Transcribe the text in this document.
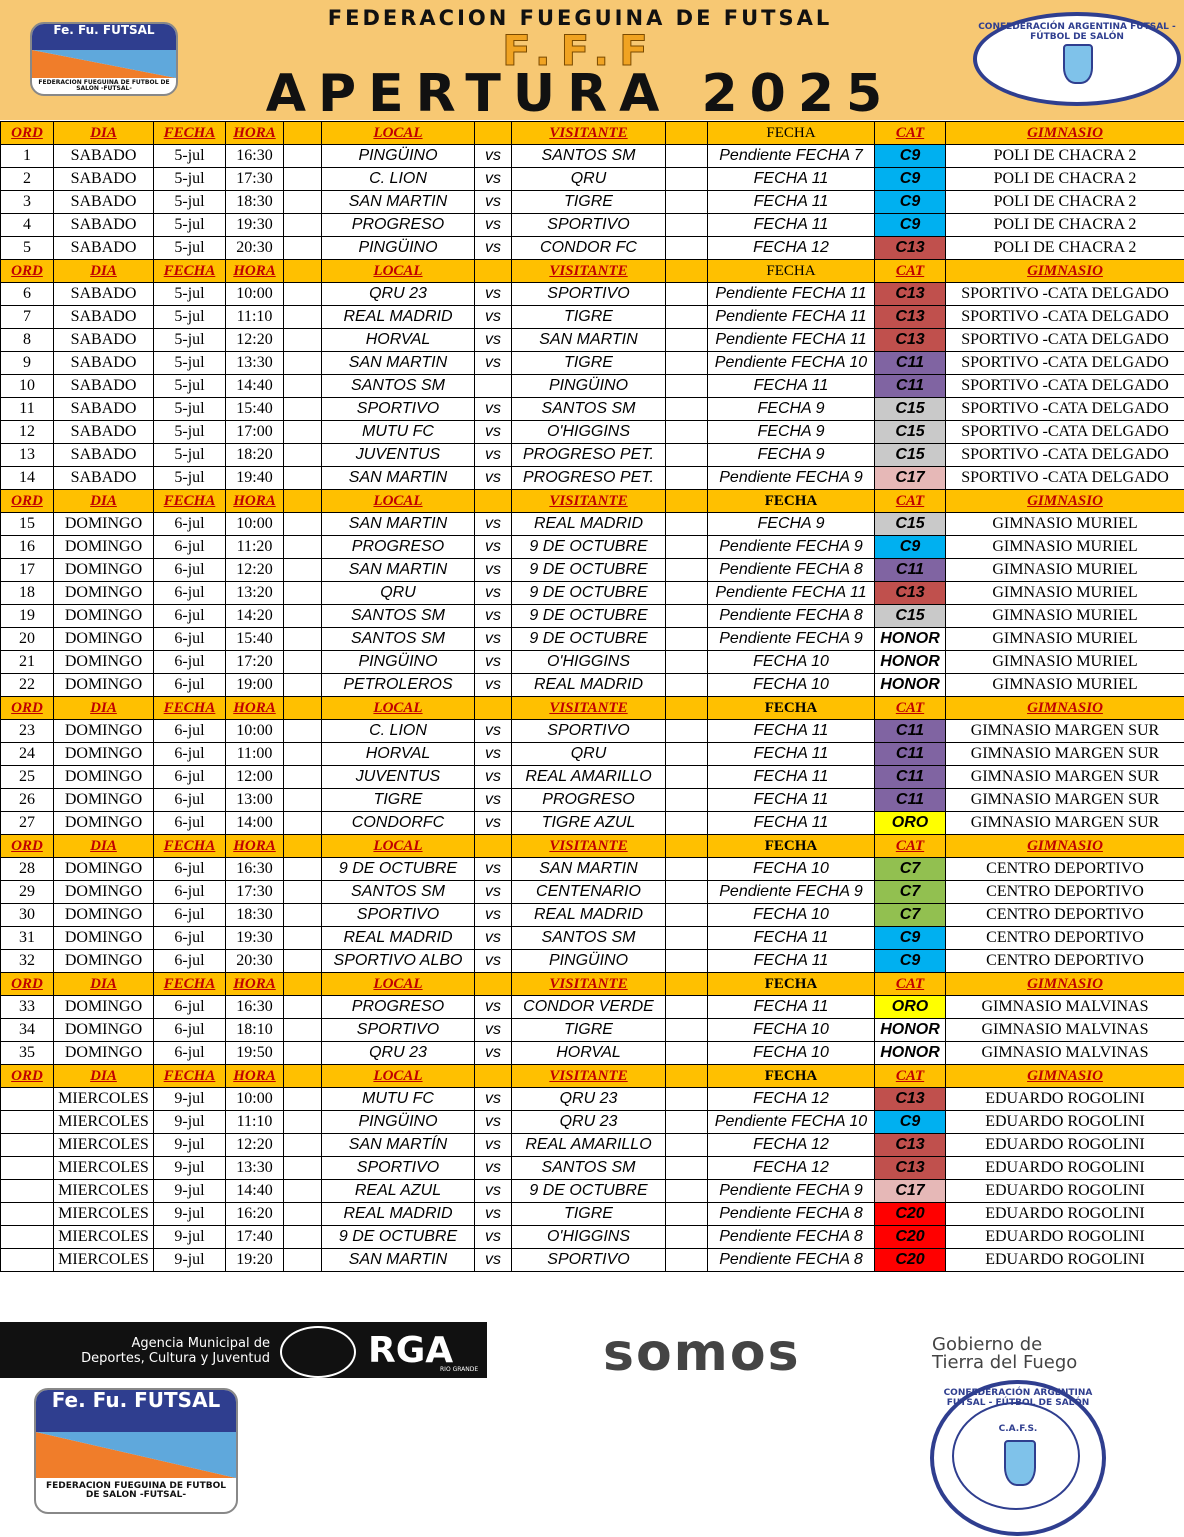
Fe. Fu. FUTSAL
FEDERACION FUEGUINA DE FUTBOL DE SALON -FUTSAL-
FEDERACION FUEGUINA DE FUTSAL
F.F.F
APERTURA 2025
CONFEDERACIÓN ARGENTINA FUTSAL - FÚTBOL DE SALÓN
ORD	DIA	FECHA	HORA		LOCAL		VISITANTE		FECHA	CAT	GIMNASIO
1	SABADO	5-jul	16:30		PINGÜINO	vs	SANTOS SM		Pendiente FECHA 7	C9	POLI DE CHACRA 2
2	SABADO	5-jul	17:30		C. LION	vs	QRU		FECHA 11	C9	POLI DE CHACRA 2
3	SABADO	5-jul	18:30		SAN MARTIN	vs	TIGRE		FECHA 11	C9	POLI DE CHACRA 2
4	SABADO	5-jul	19:30		PROGRESO	vs	SPORTIVO		FECHA 11	C9	POLI DE CHACRA 2
5	SABADO	5-jul	20:30		PINGÜINO	vs	CONDOR FC		FECHA 12	C13	POLI DE CHACRA 2
ORD	DIA	FECHA	HORA		LOCAL		VISITANTE		FECHA	CAT	GIMNASIO
6	SABADO	5-jul	10:00		QRU 23	vs	SPORTIVO		Pendiente FECHA 11	C13	SPORTIVO -CATA DELGADO
7	SABADO	5-jul	11:10		REAL MADRID	vs	TIGRE		Pendiente FECHA 11	C13	SPORTIVO -CATA DELGADO
8	SABADO	5-jul	12:20		HORVAL	vs	SAN MARTIN		Pendiente FECHA 11	C13	SPORTIVO -CATA DELGADO
9	SABADO	5-jul	13:30		SAN MARTIN	vs	TIGRE		Pendiente FECHA 10	C11	SPORTIVO -CATA DELGADO
10	SABADO	5-jul	14:40		SANTOS SM		PINGÜINO		FECHA 11	C11	SPORTIVO -CATA DELGADO
11	SABADO	5-jul	15:40		SPORTIVO	vs	SANTOS SM		FECHA 9	C15	SPORTIVO -CATA DELGADO
12	SABADO	5-jul	17:00		MUTU FC	vs	O'HIGGINS		FECHA 9	C15	SPORTIVO -CATA DELGADO
13	SABADO	5-jul	18:20		JUVENTUS	vs	PROGRESO PET.		FECHA 9	C15	SPORTIVO -CATA DELGADO
14	SABADO	5-jul	19:40		SAN MARTIN	vs	PROGRESO PET.		Pendiente FECHA 9	C17	SPORTIVO -CATA DELGADO
ORD	DIA	FECHA	HORA		LOCAL		VISITANTE		FECHA	CAT	GIMNASIO
15	DOMINGO	6-jul	10:00		SAN MARTIN	vs	REAL MADRID		FECHA 9	C15	GIMNASIO MURIEL
16	DOMINGO	6-jul	11:20		PROGRESO	vs	9 DE OCTUBRE		Pendiente FECHA 9	C9	GIMNASIO MURIEL
17	DOMINGO	6-jul	12:20		SAN MARTIN	vs	9 DE OCTUBRE		Pendiente FECHA 8	C11	GIMNASIO MURIEL
18	DOMINGO	6-jul	13:20		QRU	vs	9 DE OCTUBRE		Pendiente FECHA 11	C13	GIMNASIO MURIEL
19	DOMINGO	6-jul	14:20		SANTOS SM	vs	9 DE OCTUBRE		Pendiente FECHA 8	C15	GIMNASIO MURIEL
20	DOMINGO	6-jul	15:40		SANTOS SM	vs	9 DE OCTUBRE		Pendiente FECHA 9	HONOR	GIMNASIO MURIEL
21	DOMINGO	6-jul	17:20		PINGÜINO	vs	O'HIGGINS		FECHA 10	HONOR	GIMNASIO MURIEL
22	DOMINGO	6-jul	19:00		PETROLEROS	vs	REAL MADRID		FECHA 10	HONOR	GIMNASIO MURIEL
ORD	DIA	FECHA	HORA		LOCAL		VISITANTE		FECHA	CAT	GIMNASIO
23	DOMINGO	6-jul	10:00		C. LION	vs	SPORTIVO		FECHA 11	C11	GIMNASIO MARGEN SUR
24	DOMINGO	6-jul	11:00		HORVAL	vs	QRU		FECHA 11	C11	GIMNASIO MARGEN SUR
25	DOMINGO	6-jul	12:00		JUVENTUS	vs	REAL AMARILLO		FECHA 11	C11	GIMNASIO MARGEN SUR
26	DOMINGO	6-jul	13:00		TIGRE	vs	PROGRESO		FECHA 11	C11	GIMNASIO MARGEN SUR
27	DOMINGO	6-jul	14:00		CONDORFC	vs	TIGRE AZUL		FECHA 11	ORO	GIMNASIO MARGEN SUR
ORD	DIA	FECHA	HORA		LOCAL		VISITANTE		FECHA	CAT	GIMNASIO
28	DOMINGO	6-jul	16:30		9 DE OCTUBRE	vs	SAN MARTIN		FECHA 10	C7	CENTRO DEPORTIVO
29	DOMINGO	6-jul	17:30		SANTOS SM	vs	CENTENARIO		Pendiente FECHA 9	C7	CENTRO DEPORTIVO
30	DOMINGO	6-jul	18:30		SPORTIVO	vs	REAL MADRID		FECHA 10	C7	CENTRO DEPORTIVO
31	DOMINGO	6-jul	19:30		REAL MADRID	vs	SANTOS SM		FECHA 11	C9	CENTRO DEPORTIVO
32	DOMINGO	6-jul	20:30		SPORTIVO ALBO	vs	PINGÜINO		FECHA 11	C9	CENTRO DEPORTIVO
ORD	DIA	FECHA	HORA		LOCAL		VISITANTE		FECHA	CAT	GIMNASIO
33	DOMINGO	6-jul	16:30		PROGRESO	vs	CONDOR VERDE		FECHA 11	ORO	GIMNASIO MALVINAS
34	DOMINGO	6-jul	18:10		SPORTIVO	vs	TIGRE		FECHA 10	HONOR	GIMNASIO MALVINAS
35	DOMINGO	6-jul	19:50		QRU 23	vs	HORVAL		FECHA 10	HONOR	GIMNASIO MALVINAS
ORD	DIA	FECHA	HORA		LOCAL		VISITANTE		FECHA	CAT	GIMNASIO
	MIERCOLES	9-jul	10:00		MUTU FC	vs	QRU 23		FECHA 12	C13	EDUARDO ROGOLINI
	MIERCOLES	9-jul	11:10		PINGÜINO	vs	QRU 23		Pendiente FECHA 10	C9	EDUARDO ROGOLINI
	MIERCOLES	9-jul	12:20		SAN MARTÍN	vs	REAL AMARILLO		FECHA 12	C13	EDUARDO ROGOLINI
	MIERCOLES	9-jul	13:30		SPORTIVO	vs	SANTOS SM		FECHA 12	C13	EDUARDO ROGOLINI
	MIERCOLES	9-jul	14:40		REAL AZUL	vs	9 DE OCTUBRE		Pendiente FECHA 9	C17	EDUARDO ROGOLINI
	MIERCOLES	9-jul	16:20		REAL MADRID	vs	TIGRE		Pendiente FECHA 8	C20	EDUARDO ROGOLINI
	MIERCOLES	9-jul	17:40		9 DE OCTUBRE	vs	O'HIGGINS		Pendiente FECHA 8	C20	EDUARDO ROGOLINI
	MIERCOLES	9-jul	19:20		SAN MARTIN	vs	SPORTIVO		Pendiente FECHA 8	C20	EDUARDO ROGOLINI
Agencia Municipal de
Deportes, Cultura y Juventud	RGA
RIO GRANDE somos	Gobierno de
Tierra del Fuego
Fe. Fu. FUTSAL
FEDERACION FUEGUINA DE FUTBOL DE SALON -FUTSAL-
CONFEDERACIÓN ARGENTINA FUTSAL - FÚTBOL DE SALÓN
C.A.F.S.
